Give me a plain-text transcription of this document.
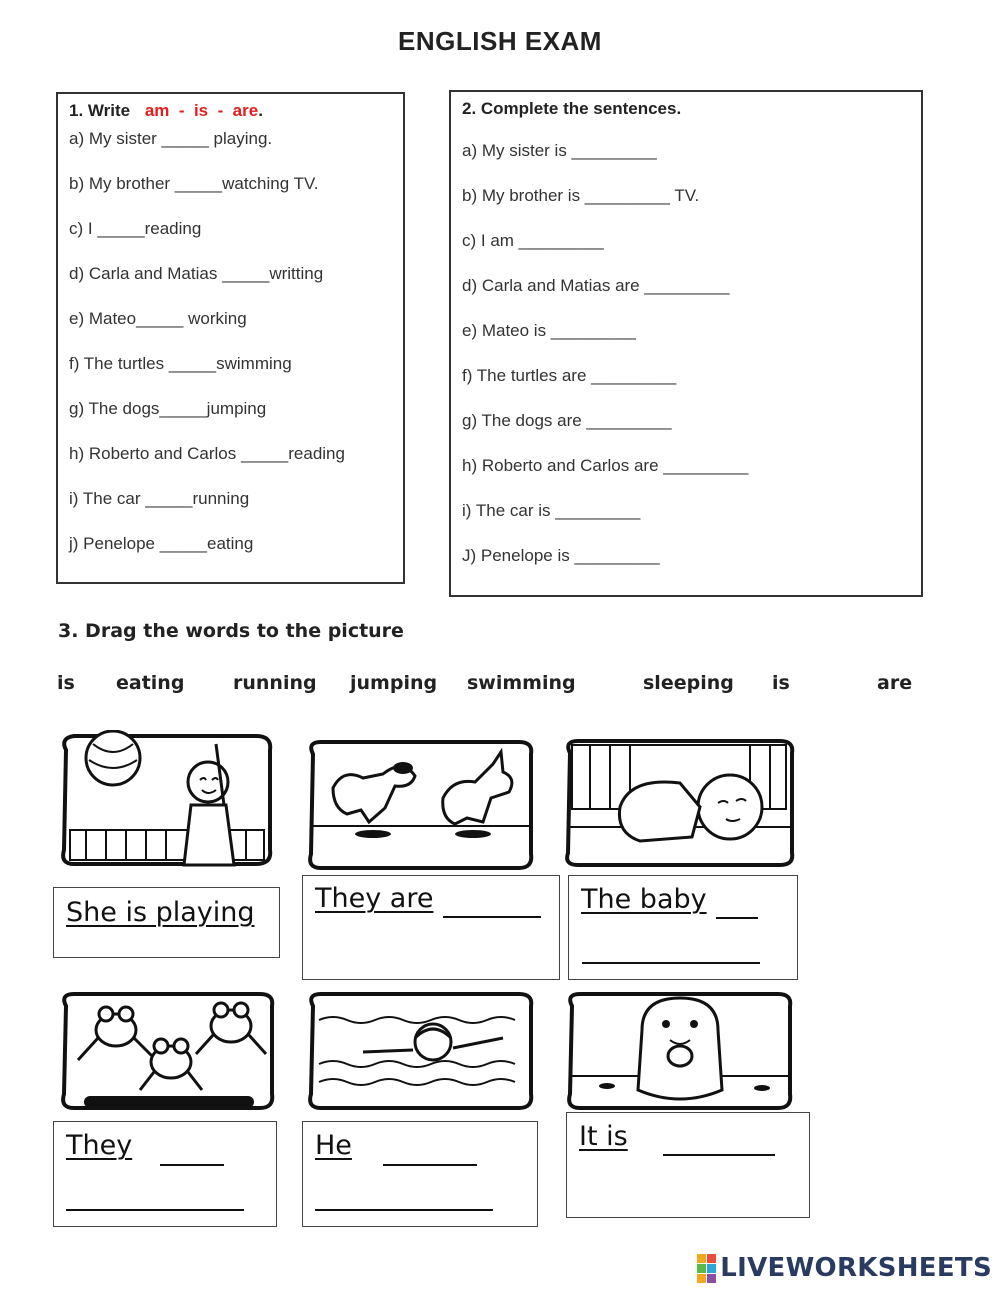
ENGLISH EXAM
1. Write am  -  is  -  are.
a) My sister _____ playing.
b) My brother _____watching TV.
c) I _____reading
d) Carla and Matias _____writting
e) Mateo_____ working
f) The turtles _____swimming
g) The dogs_____jumping
h) Roberto and Carlos _____reading
i) The car _____running
j) Penelope _____eating
2. Complete the sentences.
a) My sister is _________
b) My brother is _________ TV.
c) I am _________
d) Carla and Matias are _________
e) Mateo is _________
f) The turtles are _________
g) The dogs are _________
h) Roberto and Carlos are _________
i) The car is _________
J) Penelope is _________
3. Drag the words to the picture
is eating	running jumping swimming	sleeping is	are
She is playing They are	The baby
They	He	It is
LIVEWORKSHEETS
